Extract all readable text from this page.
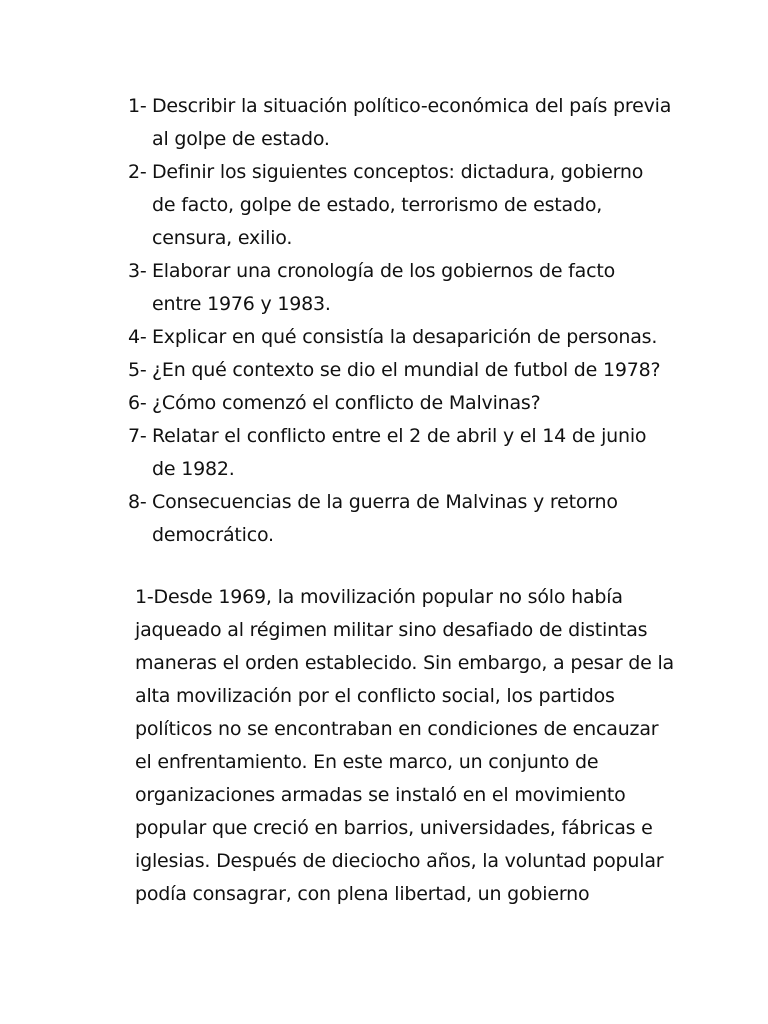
1- Describir la situación político-económica del país previa
al golpe de estado.
2- Definir los siguientes conceptos: dictadura, gobierno
de facto, golpe de estado, terrorismo de estado,
censura, exilio.
3- Elaborar una cronología de los gobiernos de facto
entre 1976 y 1983.
4- Explicar en qué consistía la desaparición de personas.
5- ¿En qué contexto se dio el mundial de futbol de 1978?
6- ¿Cómo comenzó el conflicto de Malvinas?
7- Relatar el conflicto entre el 2 de abril y el 14 de junio
de 1982.
8- Consecuencias de la guerra de Malvinas y retorno
democrático.
1-Desde 1969, la movilización popular no sólo había
jaqueado al régimen militar sino desafiado de distintas
maneras el orden establecido. Sin embargo, a pesar de la
alta movilización por el conflicto social, los partidos
políticos no se encontraban en condiciones de encauzar
el enfrentamiento. En este marco, un conjunto de
organizaciones armadas se instaló en el movimiento
popular que creció en barrios, universidades, fábricas e
iglesias. Después de dieciocho años, la voluntad popular
podía consagrar, con plena libertad, un gobierno
